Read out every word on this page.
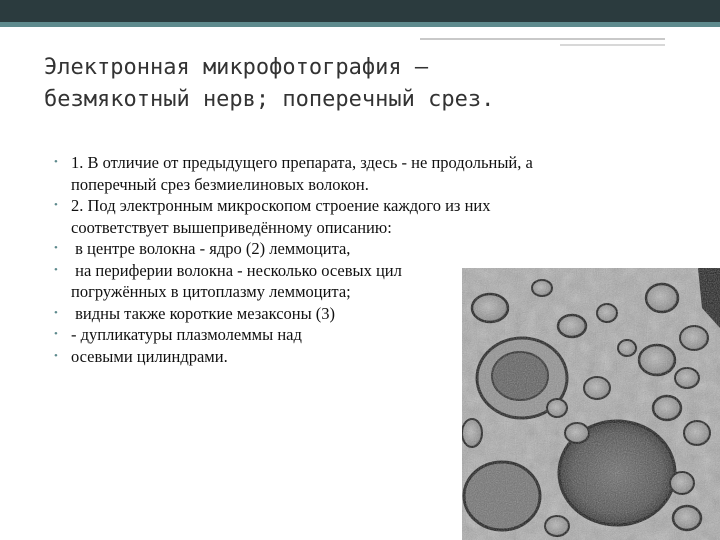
Электронная микрофотография –
безмякотный нерв; поперечный срез.
• 1. В отличие от предыдущего препарата, здесь - не продольный, а
поперечный срез безмиелиновых волокон.
• 2. Под электронным микроскопом строение каждого из них
соответствует вышеприведённому описанию:
• в центре волокна - ядро (2) леммоцита,
• на периферии волокна - несколько осевых цил
погружённых в цитоплазму леммоцита;
• видны также короткие мезаксоны (3)
• - дупликатуры плазмолеммы над
• осевыми цилиндрами.
